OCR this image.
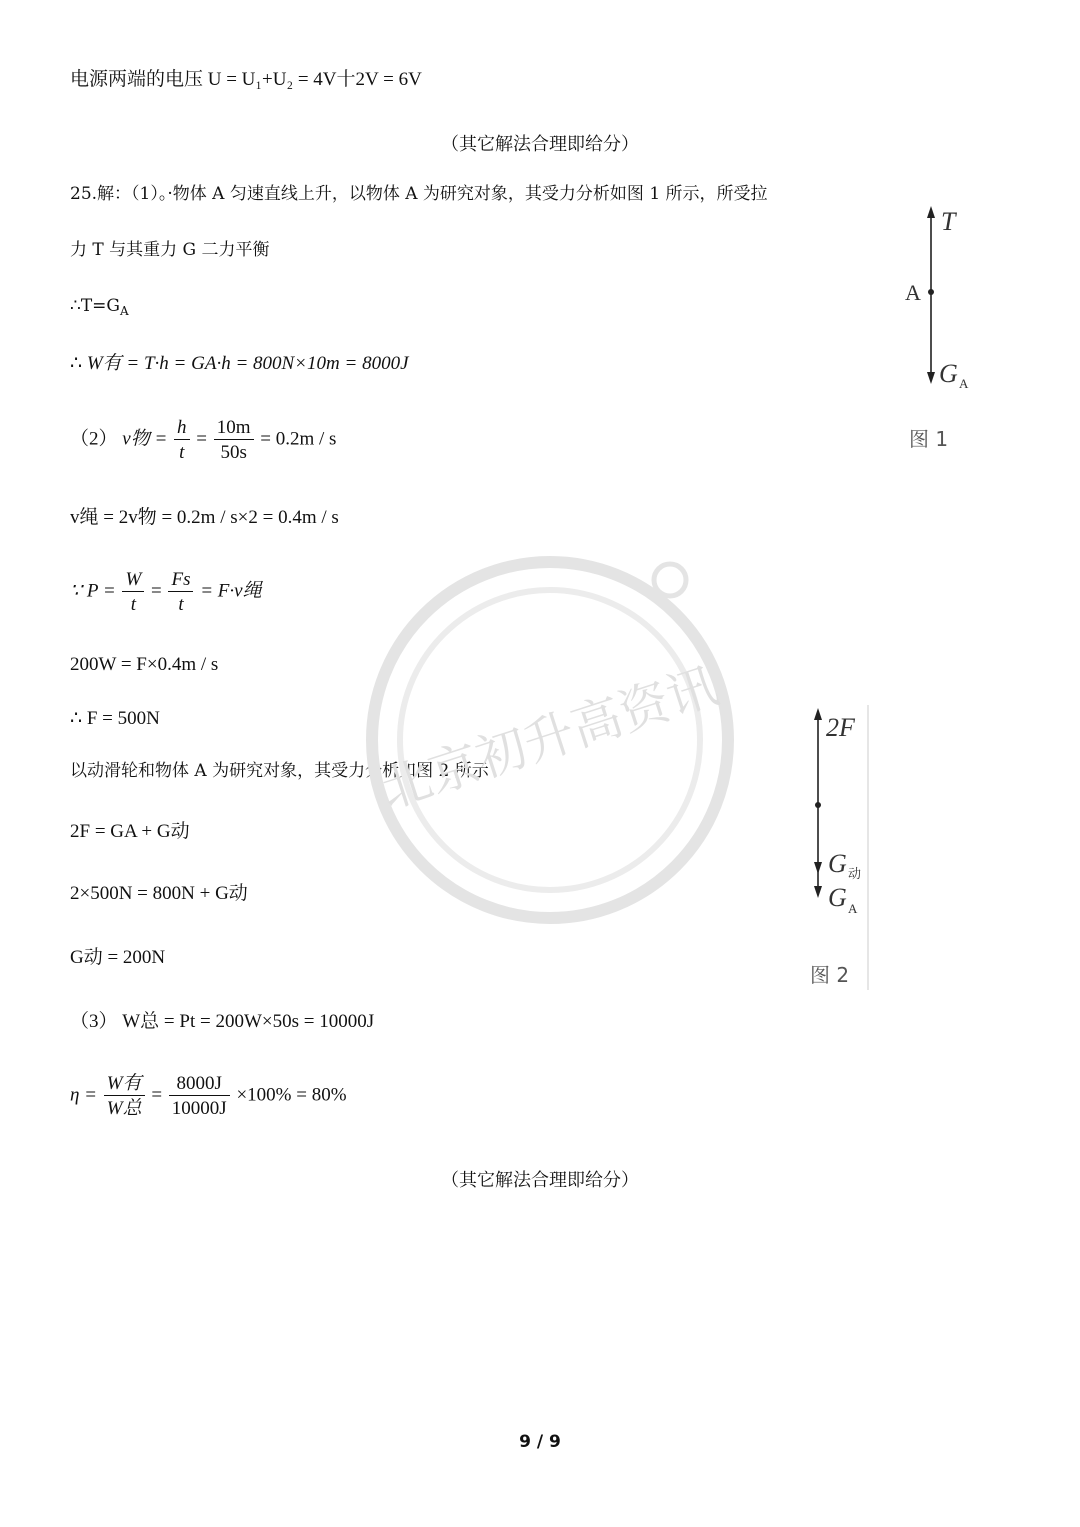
电源两端的电压 U = U₁+U₂ = 4V十2V = 6V
（其它解法合理即给分）
25.解：（1）。·物体 A 匀速直线上升，以物体 A 为研究对象，其受力分析如图 1 所示，所受拉
力 T 与其重力 G 二力平衡
$\therefore T=G_A$
∴ W有 = T·h = GA·h = 800N×10m = 8000J
（2） v物 = $\frac{h}{t} = \frac{10m}{50s} = 0.2m / s$
v绳 = 2v物 = 0.2m / s×2 = 0.4m / s
∵ $P = \frac{W}{t} = \frac{Fs}{t} = F\cdot v$绳
200W = F×0.4m / s
∴ F = 500N
以动滑轮和物体 A 为研究对象，其受力分析如图 2 所示
2F = GA + G动
2×500N = 800N + G动
G动 = 200N
（3） W总 = Pt = 200W×50s = 10000J
$\eta = \frac{\text{W有}}{\text{W总}} = \frac{8000J}{10000J} \times 100\% = 80\%$
（其它解法合理即给分）
T
A
G A
图 1
2F
G 动
G A
图 2
北京初升高资讯
9 / 9
